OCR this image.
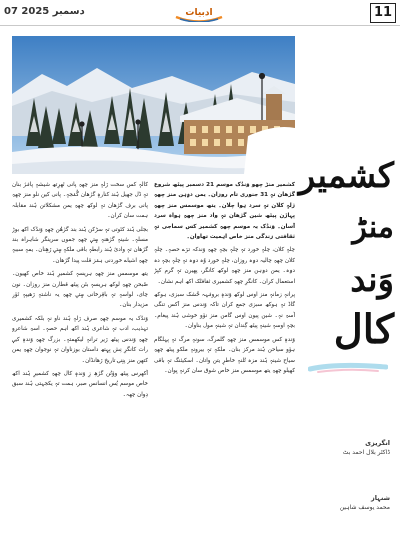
07 دسمبر 2025	ادبیات	11
کشمیر
منڑ
وَند
کال
انگریزی
ڈاکٹر بلال احمد بٹ
شنہاز
محمد یوسف شاہین

کشمیر منڑ چھو وَندُک موسم 21 دسمبر پیٹھ شروع گژھان تہٕ 31 جنوری تام روزان۔ یمن دۄہن منز چھہِ ژلہٕ کلان تہٕ سرد ہوا چلان۔ یتھ موسمس منز چھہِ پہاڑن پیٹھ شین گژھان تہٕ واد منز چھہِ ہواہ سرد آسان۔ وَندُک یہ موسم چھہِ کشمیر کس سماجی تہٕ ثقافتی زندگی منز خاص اہمیت تھاوان۔

چلہٕ کلان، چلہٕ خورد تہٕ چلہٕ بچہٕ چھہِ وَندکہ ترٛے حصہٕ۔ چلہٕ کلان چھہِ چالیہ دۄہ روزان، چلہٕ خورد وُہ دۄہ تہٕ چلہٕ بچہٕ دہ دۄہ۔ یمن دۄہن منز چھہِ لوکھ کانگر، پھیرن تہٕ گرم کپڑ استعمال کران۔ کانگرِ چھہِ کشمیری ثقافتُک اکھ اہم نشان۔

پرانہٕ زمانہٕ منز اوس لوکھ وَندہٕ برونٛہہ خُشک سبزی، ہوکھ گاڈ تہٕ ہوکھ سبزی جمع کران تاکہ وَندس منز اَکس تنگی آسہِ نہٕ۔ شین پیون اوس گامن منز نوٚو خوشی ہُند پیغام۔ بچہٕ اوسہٕ شینہٕ پیٹھ گِندان تہٕ شینہٕ مول بناوان۔

وَندہٕ کس موسمس منز چھہِ گلمرگ، سونہٕ مرگ تہٕ پہلگام ہوٚو سیاحن ہُند مرکز بنان۔ ملکہٕ تہٕ بیرونہٕ ملکو پیٹھ چھہِ سیاح شینہٕ ہُند مزہ تُلنہٕ خاطرٕ یتن واتان۔ اسکیئنگ تہٕ باقی کھیلو چھہِ یتھ موسمس منز خاص شوق سان کرنہٕ یِوان۔

کالہٕ کس سخت ژلہٕ منز چھہِ پانی ٹھرِتھ شیشہٕ پانٛژ بنان تہٕ ڈل جھیل ہُند کنارہٕ گژھان گُنٛجہٕ۔ پانی کین نلو منز چھہِ پانی برف گژھان تہٕ لوکھ چھہِ یمن مشکلاتن ہُند مقابلہ ہمت سان کران۔

بجلی ہُند کٹوتی تہٕ سڑکن ہُند بند گژھُن چھہِ وَندُک اکھ بوڑ مسلہٕ۔ شینہٕ گژھنہٕ سٟتؠ چھہِ جموں سرینگر شاہراہ بند گژھان تہٕ وادیٔ ہُند رابطہٕ باقی ملکہٕ سٟتؠ ژھٕنان۔ یمہٕ سببہٕ چھہِ اشیاے خوردنی ہنٛز قلت پیدا گژھان۔

یتھ موسمس منز چھہِ ہریسہٕ کشمیرِ ہُند خاص کھیون۔ صُبحن چھہِ لوکھ ہریسہٕ بٹن پیٹھ قطارن منز روزان۔ نون چای، لواسہٕ تہٕ باقِرخانی سٟتؠ چھہِ یہ ناشتہٕ ژھیپہٕ ٹوٚرِ مزیدار بنان۔

وَندُک یہ موسم چھہِ صرف ژلہٕ ہُند ناو نہٕ بلکہ کشمیری تہذیب، ادب تہٕ شاعری ہُند اکھ اہم حصہٕ۔ اسہِ شاعرو چھہِ وَندس پیٹھ ژیر ترانہٕ لیکھمتہٕ۔ بزرگ چھہِ وَندہٕ کیؠ رات کانگرِ نِش بِہِتھ داستان بوزناوان تہٕ نوجوان چھہِ یمن کتھن منز پنٕنۍ تاریخ ژھانڈان۔

آکھرس پیٹھ ووٚنُن گژھِ زِ وَندہٕ کال چھہِ کشمیرِ ہُند اکھ خاص موسم یُس انسانس صبر، ہمت تہٕ یکجہتی ہُند سبق دِوان چھہ۔
